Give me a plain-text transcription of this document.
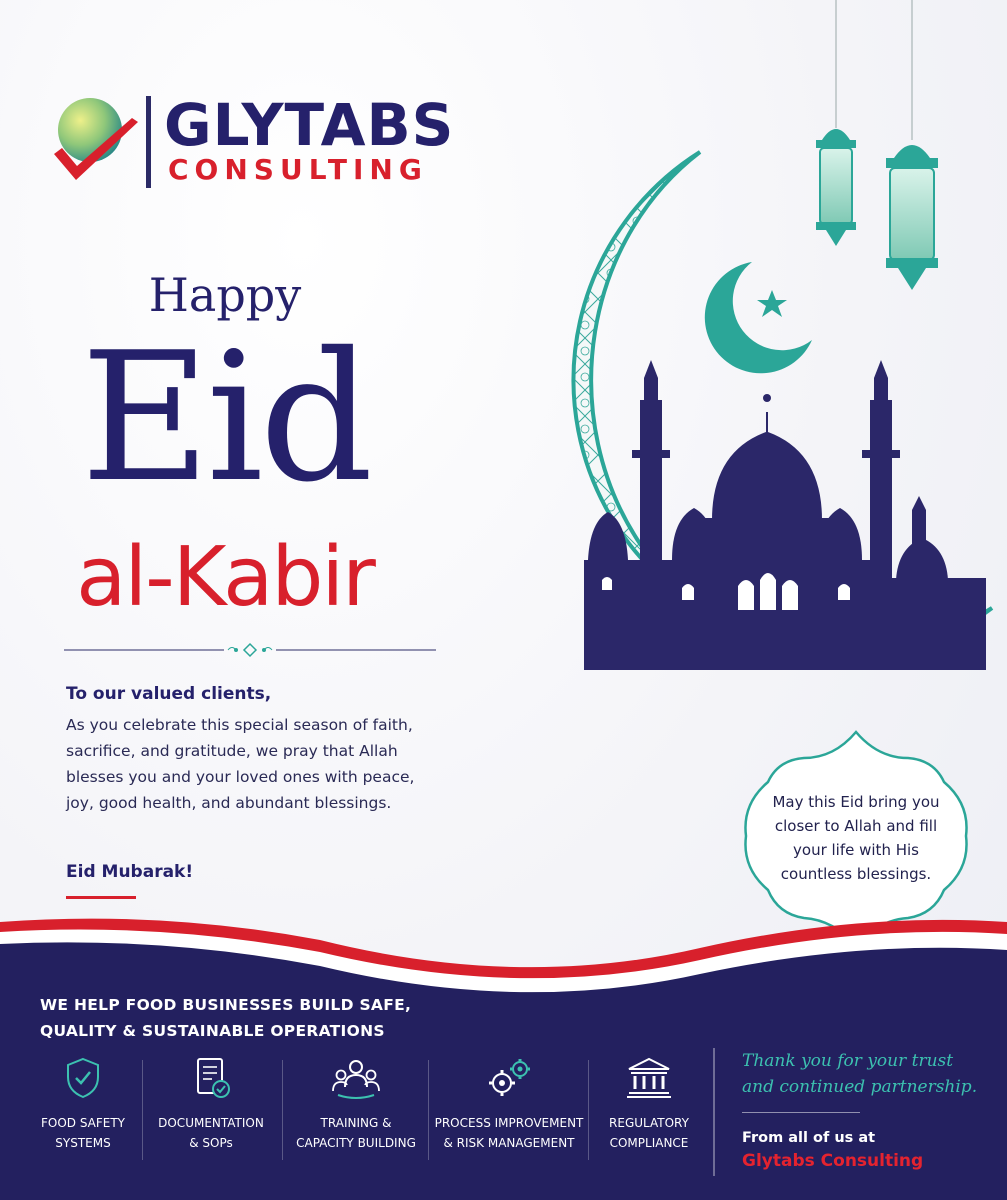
GLYTABS
CONSULTING
Happy
Eid
al-Kabir
To our valued clients,
As you celebrate this special season of faith, sacrifice, and gratitude, we pray that Allah blesses you and your loved ones with peace, joy, good health, and abundant blessings.
Eid Mubarak!
May this Eid bring you closer to Allah and fill your life with His countless blessings.
WE HELP FOOD BUSINESSES BUILD SAFE,
QUALITY & SUSTAINABLE OPERATIONS
FOOD SAFETY
SYSTEMS
DOCUMENTATION
& SOPs
TRAINING &
CAPACITY BUILDING
PROCESS IMPROVEMENT
& RISK MANAGEMENT
REGULATORY
COMPLIANCE
Thank you for your trust
and continued partnership.
From all of us at
Glytabs Consulting
